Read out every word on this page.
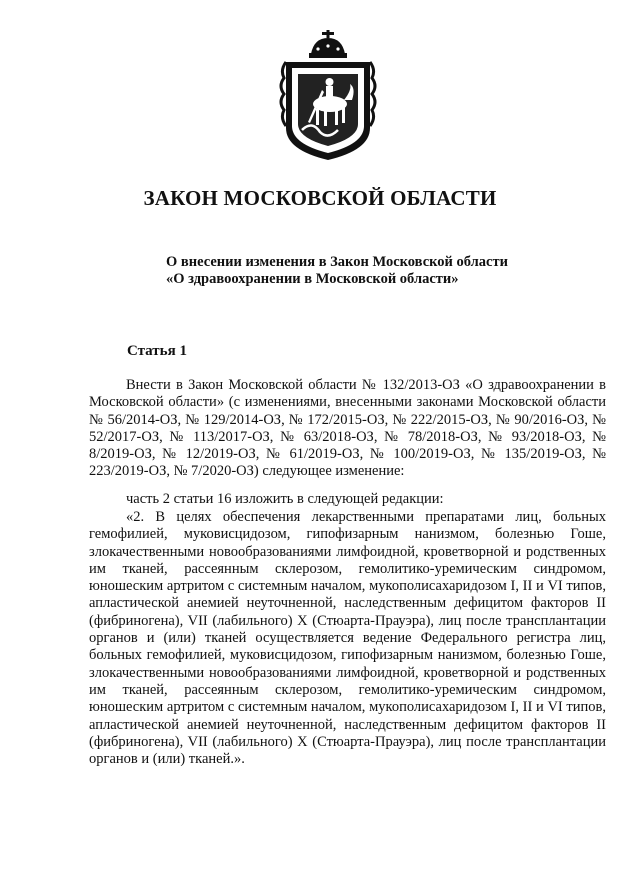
ЗАКОН МОСКОВСКОЙ ОБЛАСТИ
О внесении изменения в Закон Московской области
«О здравоохранении в Московской области»
Статья 1

Внести в Закон Московской области № 132/2013-ОЗ «О здравоохранении в Московской области» (с изменениями, внесенными законами Московской области № 56/2014-ОЗ, № 129/2014-ОЗ, № 172/2015-ОЗ, № 222/2015-ОЗ, № 90/2016-ОЗ, № 52/2017-ОЗ, № 113/2017-ОЗ, № 63/2018-ОЗ, № 78/2018-ОЗ, № 93/2018-ОЗ, № 8/2019-ОЗ, № 12/2019-ОЗ, № 61/2019-ОЗ, № 100/2019-ОЗ, № 135/2019-ОЗ, № 223/2019-ОЗ, № 7/2020-ОЗ) следующее изменение:

часть 2 статьи 16 изложить в следующей редакции:

«2. В целях обеспечения лекарственными препаратами лиц, больных гемофилией, муковисцидозом, гипофизарным нанизмом, болезнью Гоше, злокачественными новообразованиями лимфоидной, кроветворной и родственных им тканей, рассеянным склерозом, гемолитико-уремическим синдромом, юношеским артритом с системным началом, мукополисахаридозом I, II и VI типов, апластической анемией неуточненной, наследственным дефицитом факторов II (фибриногена), VII (лабильного) X (Стюарта-Прауэра), лиц после трансплантации органов и (или) тканей осуществляется ведение Федерального регистра лиц, больных гемофилией, муковисцидозом, гипофизарным нанизмом, болезнью Гоше, злокачественными новообразованиями лимфоидной, кроветворной и родственных им тканей, рассеянным склерозом, гемолитико-уремическим синдромом, юношеским артритом с системным началом, мукополисахаридозом I, II и VI типов, апластической анемией неуточненной, наследственным дефицитом факторов II (фибриногена), VII (лабильного) X (Стюарта-Прауэра), лиц после трансплантации органов и (или) тканей.».
